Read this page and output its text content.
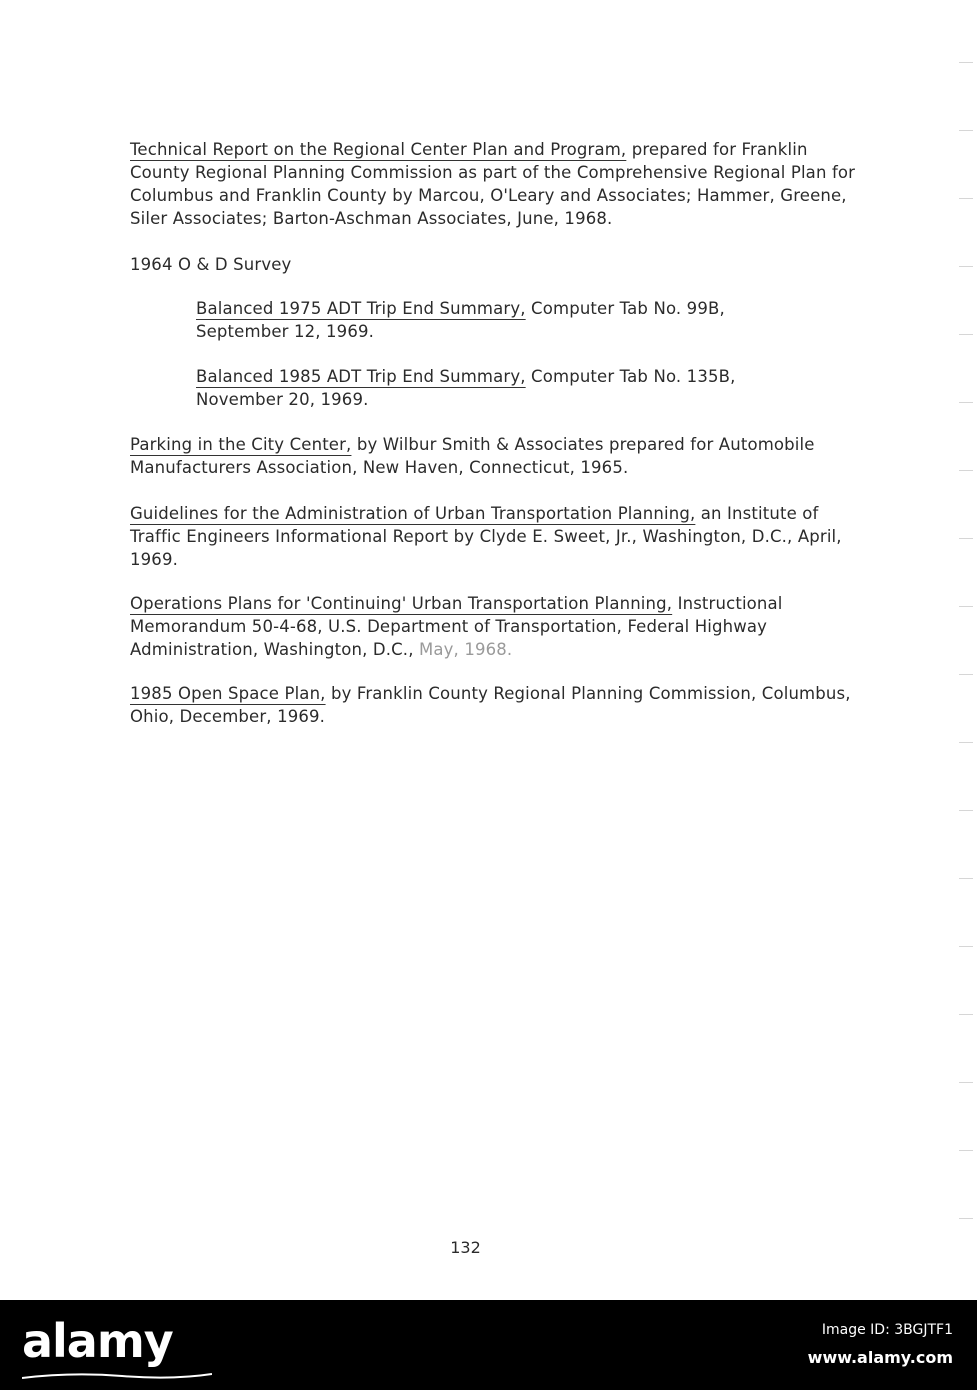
Technical Report on the Regional Center Plan and Program, prepared for Franklin County Regional Planning Commission as part of the Comprehensive Regional Plan for Columbus and Franklin County by Marcou, O'Leary and Associates; Hammer, Greene, Siler Associates; Barton-Aschman Associates, June, 1968.
1964 O & D Survey
Balanced 1975 ADT Trip End Summary, Computer Tab No. 99B, September 12, 1969.
Balanced 1985 ADT Trip End Summary, Computer Tab No. 135B, November 20, 1969.
Parking in the City Center, by Wilbur Smith & Associates prepared for Automobile Manufacturers Association, New Haven, Connecticut, 1965.
Guidelines for the Administration of Urban Transportation Planning, an Institute of Traffic Engineers Informational Report by Clyde E. Sweet, Jr., Washington, D.C., April, 1969.
Operations Plans for 'Continuing' Urban Transportation Planning, Instructional Memorandum 50-4-68, U.S. Department of Transportation, Federal Highway Administration, Washington, D.C., May, 1968.
1985 Open Space Plan, by Franklin County Regional Planning Commission, Columbus, Ohio, December, 1969.
132
alamy	Image ID: 3BGJTF1
www.alamy.com
